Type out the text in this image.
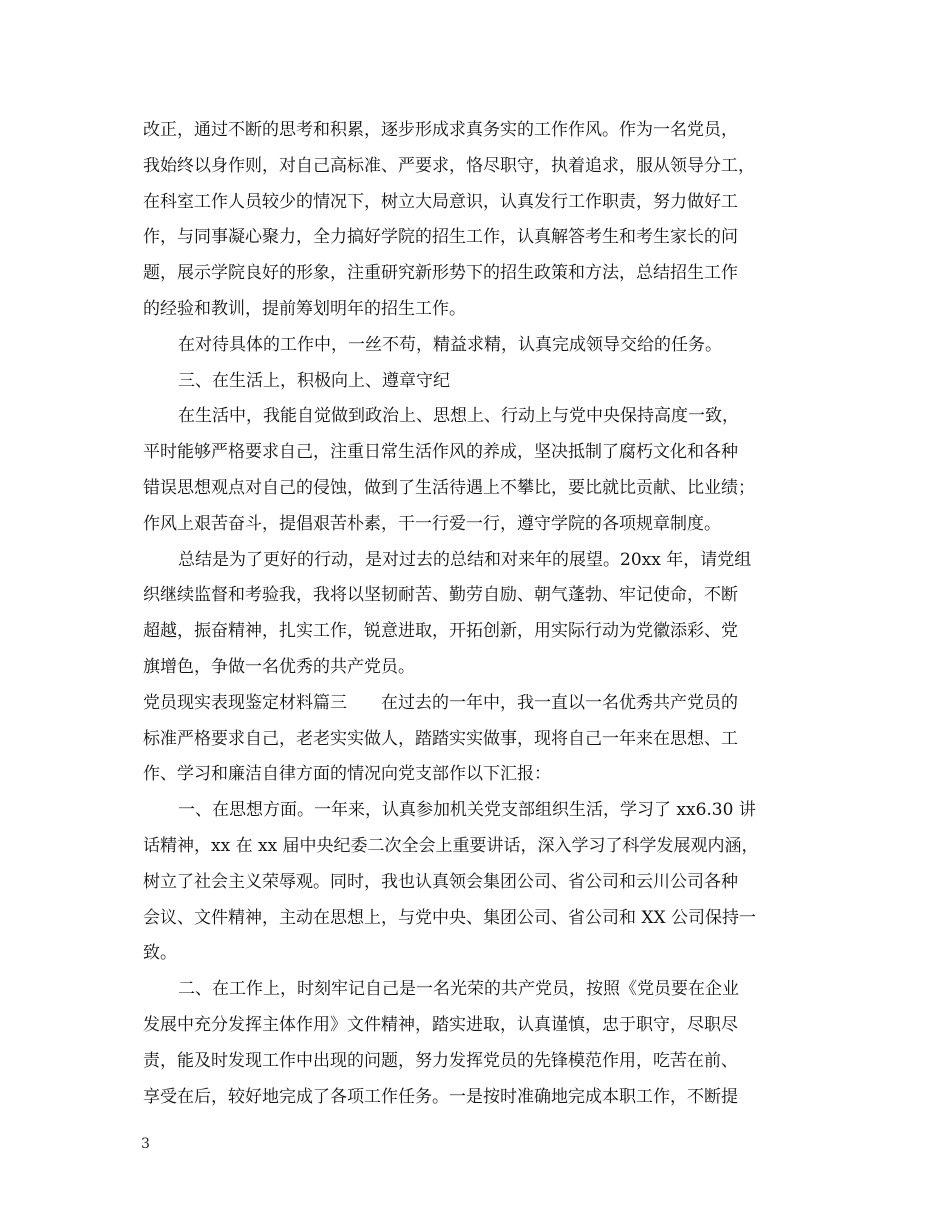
改正，通过不断的思考和积累，逐步形成求真务实的工作作风。作为一名党员，
我始终以身作则，对自己高标准、严要求，恪尽职守，执着追求，服从领导分工，
在科室工作人员较少的情况下，树立大局意识，认真发行工作职责，努力做好工
作，与同事凝心聚力，全力搞好学院的招生工作，认真解答考生和考生家长的问
题，展示学院良好的形象，注重研究新形势下的招生政策和方法，总结招生工作
的经验和教训，提前筹划明年的招生工作。
在对待具体的工作中，一丝不苟，精益求精，认真完成领导交给的任务。
三、在生活上，积极向上、遵章守纪
在生活中，我能自觉做到政治上、思想上、行动上与党中央保持高度一致，
平时能够严格要求自己，注重日常生活作风的养成，坚决抵制了腐朽文化和各种
错误思想观点对自己的侵蚀，做到了生活待遇上不攀比，要比就比贡献、比业绩；
作风上艰苦奋斗，提倡艰苦朴素，干一行爱一行，遵守学院的各项规章制度。
总结是为了更好的行动，是对过去的总结和对来年的展望。20xx 年，请党组
织继续监督和考验我，我将以坚韧耐苦、勤劳自励、朝气蓬勃、牢记使命，不断
超越，振奋精神，扎实工作，锐意进取，开拓创新，用实际行动为党徽添彩、党
旗增色，争做一名优秀的共产党员。
党员现实表现鉴定材料篇三　　在过去的一年中，我一直以一名优秀共产党员的
标准严格要求自己，老老实实做人，踏踏实实做事，现将自己一年来在思想、工
作、学习和廉洁自律方面的情况向党支部作以下汇报：
一、在思想方面。一年来，认真参加机关党支部组织生活，学习了 xx6.30 讲
话精神，xx 在 xx 届中央纪委二次全会上重要讲话，深入学习了科学发展观内涵，
树立了社会主义荣辱观。同时，我也认真领会集团公司、省公司和云川公司各种
会议、文件精神，主动在思想上，与党中央、集团公司、省公司和 XX 公司保持一
致。
二、在工作上，时刻牢记自己是一名光荣的共产党员，按照《党员要在企业
发展中充分发挥主体作用》文件精神，踏实进取，认真谨慎，忠于职守，尽职尽
责，能及时发现工作中出现的问题，努力发挥党员的先锋模范作用，吃苦在前、
享受在后，较好地完成了各项工作任务。一是按时准确地完成本职工作，不断提
3
